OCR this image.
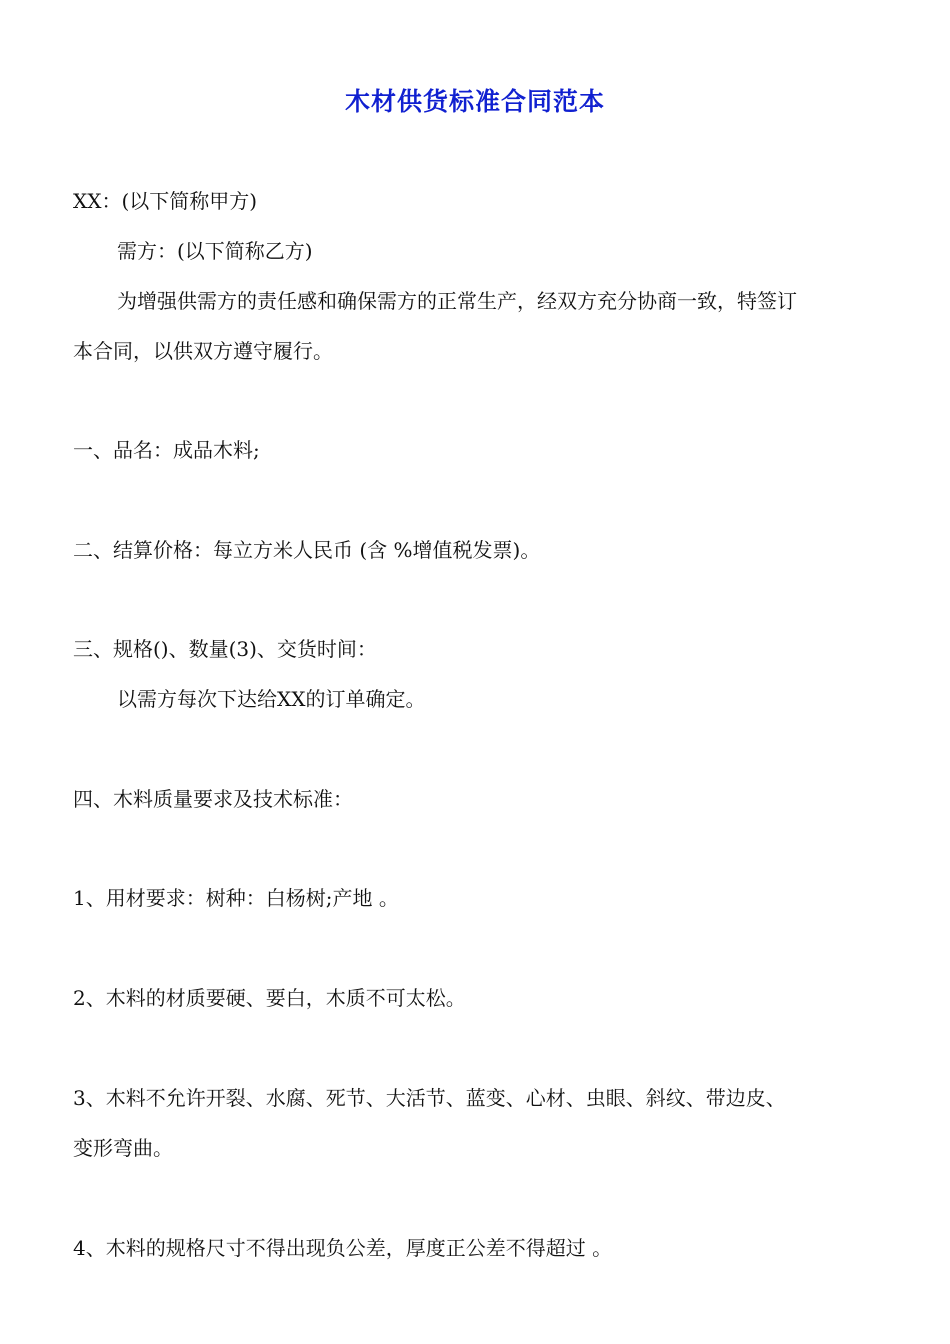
木材供货标准合同范本
XX：(以下简称甲方)
需方：(以下简称乙方)
为增强供需方的责任感和确保需方的正常生产，经双方充分协商一致，特签订
本合同，以供双方遵守履行。
一、品名：成品木料;
二、结算价格：每立方米人民币 (含 %增值税发票)。
三、规格()、数量(3)、交货时间：
以需方每次下达给XX的订单确定。
四、木料质量要求及技术标准：
1、用材要求：树种：白杨树;产地 。
2、木料的材质要硬、要白，木质不可太松。
3、木料不允许开裂、水腐、死节、大活节、蓝变、心材、虫眼、斜纹、带边皮、
变形弯曲。
4、木料的规格尺寸不得出现负公差，厚度正公差不得超过 。
